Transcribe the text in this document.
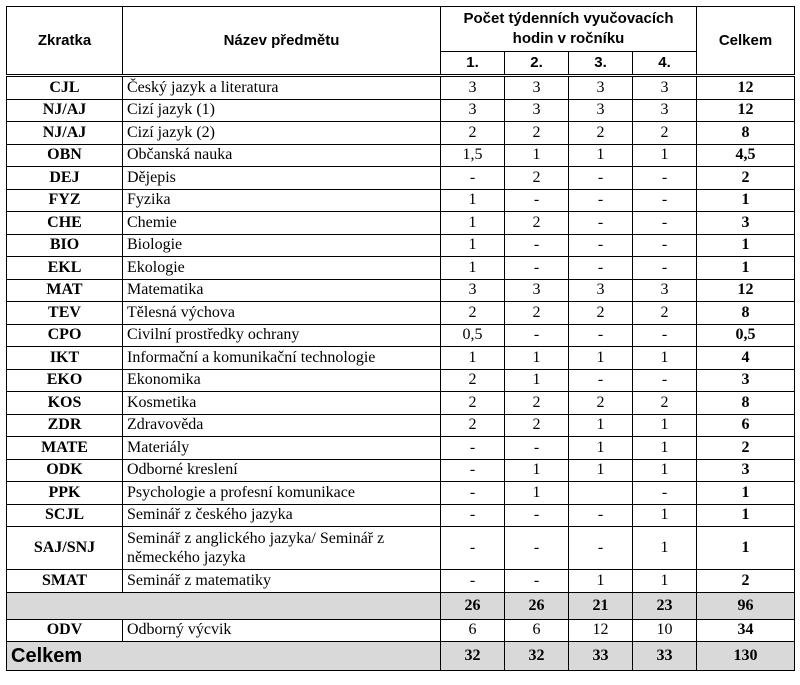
Zkratka	Název předmětu	Počet týdenních vyučovacích
hodin v ročníku				Celkem
		1.	2.	3.	4.	
CJL	Český jazyk a literatura	3	3	3	3	12
NJ/AJ	Cizí jazyk (1)	3	3	3	3	12
NJ/AJ	Cizí jazyk (2)	2	2	2	2	8
OBN	Občanská nauka	1,5	1	1	1	4,5
DEJ	Dějepis	-	2	-	-	2
FYZ	Fyzika	1	-	-	-	1
CHE	Chemie	1	2	-	-	3
BIO	Biologie	1	-	-	-	1
EKL	Ekologie	1	-	-	-	1
MAT	Matematika	3	3	3	3	12
TEV	Tělesná výchova	2	2	2	2	8
CPO	Civilní prostředky ochrany	0,5	-	-	-	0,5
IKT	Informační a komunikační technologie	1	1	1	1	4
EKO	Ekonomika	2	1	-	-	3
KOS	Kosmetika	2	2	2	2	8
ZDR	Zdravověda	2	2	1	1	6
MATE	Materiály	-	-	1	1	2
ODK	Odborné kreslení	-	1	1	1	3
PPK	Psychologie a profesní komunikace	-	1		-	1
SCJL	Seminář z českého jazyka	-	-	-	1	1
SAJ/SNJ	Seminář z anglického jazyka/ Seminář z německého jazyka	-	-	-	1	1
SMAT	Seminář z matematiky	-	-	1	1	2
		26	26	21	23	96
ODV	Odborný výcvik	6	6	12	10	34
Celkem		32	32	33	33	130
